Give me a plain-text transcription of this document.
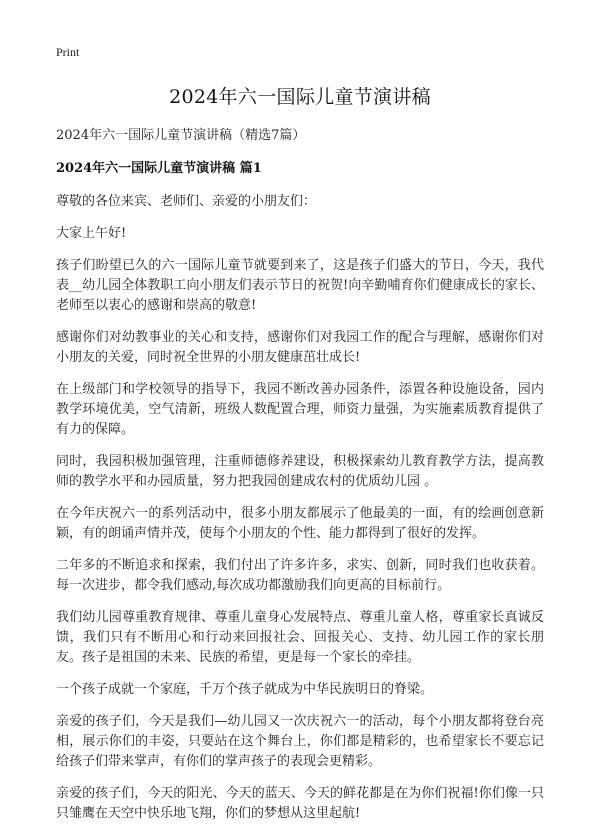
Print
2024年六一国际儿童节演讲稿
2024年六一国际儿童节演讲稿（精选7篇）
2024年六一国际儿童节演讲稿 篇1

尊敬的各位来宾、老师们、亲爱的小朋友们：

大家上午好!

孩子们盼望已久的六一国际儿童节就要到来了，这是孩子们盛大的节日，今天，我代表__幼儿园全体教职工向小朋友们表示节日的祝贺!向辛勤哺育你们健康成长的家长、老师至以衷心的感谢和崇高的敬意!

感谢你们对幼教事业的关心和支持，感谢你们对我园工作的配合与理解，感谢你们对小朋友的关爱，同时祝全世界的小朋友健康茁壮成长!

在上级部门和学校领导的指导下，我园不断改善办园条件，添置各种设施设备，园内教学环境优美，空气清新，班级人数配置合理，师资力量强，为实施素质教育提供了有力的保障。

同时，我园积极加强管理，注重师德修养建设，积极探索幼儿教育教学方法，提高教师的教学水平和办园质量，努力把我园创建成农村的优质幼儿园 。

在今年庆祝六一的系列活动中，很多小朋友都展示了他最美的一面，有的绘画创意新颖，有的朗诵声情并茂，使每个小朋友的个性、能力都得到了很好的发挥。

二年多的不断追求和探索，我们付出了许多许多，求实、创新，同时我们也收获着。每一次进步，都令我们感动,每次成功都激励我们向更高的目标前行。

我们幼儿园尊重教育规律、尊重儿童身心发展特点、尊重儿童人格，尊重家长真诚反馈，我们只有不断用心和行动来回报社会、回报关心、支持、幼儿园工作的家长朋友。孩子是祖国的未来、民族的希望，更是每一个家长的牵挂。

一个孩子成就一个家庭，千万个孩子就成为中华民族明日的脊梁。

亲爱的孩子们，今天是我们—幼儿园又一次庆祝六一的活动，每个小朋友都将登台亮相，展示你们的丰姿，只要站在这个舞台上，你们都是精彩的，也希望家长不要忘记给孩子们带来掌声，有你们的掌声孩子的表现会更精彩。

亲爱的孩子们，今天的阳光、今天的蓝天、今天的鲜花都是在为你们祝福!你们像一只只雏鹰在天空中快乐地飞翔，你们的梦想从这里起航!
